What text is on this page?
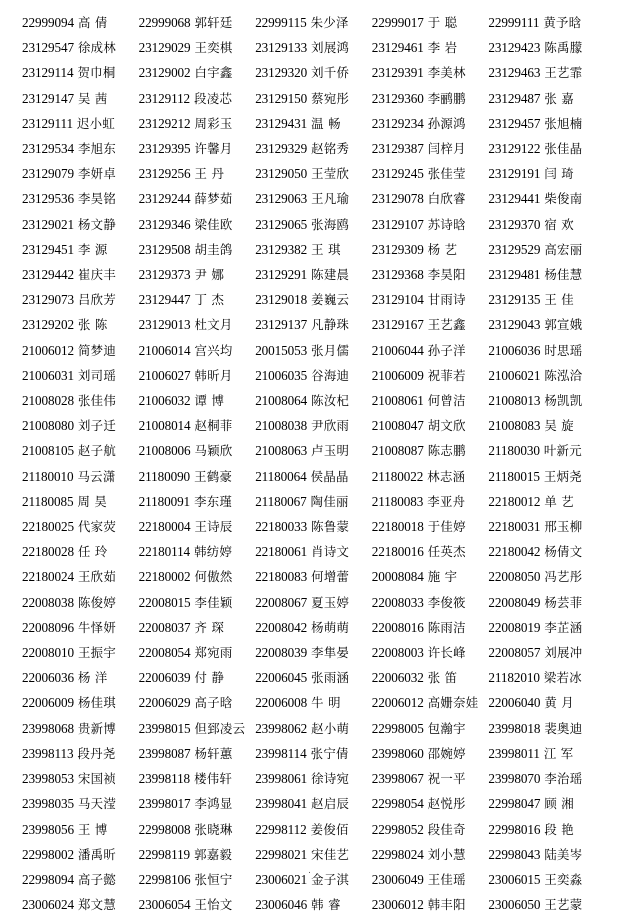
22999094 高 倩	22999068 郭轩廷	22999115 朱少泽	22999017 于 聪	22999111 黄予晗

23129547 徐成林	23129029 王奕棋	23129133 刘展鸿	23129461 李 岩	23129423 陈禹朦

23129114 贺巾桐	23129002 白宇鑫	23129320 刘千侨	23129391 李美林	23129463 王艺霏

23129147 吴 茜	23129112 段凌芯	23129150 蔡宛彤	23129360 李鹂鹏	23129487 张 嘉

23129111 迟小虹	23129212 周彩玉	23129431 温 畅	23129234 孙源鸿	23129457 张旭楠

23129534 李旭东	23129395 许馨月	23129329 赵铭秀	23129387 闫梓月	23129122 张佳晶

23129079 李妍卓	23129256 王 丹	23129050 王莹欣	23129245 张佳莹	23129191 闫 琦

23129536 李昊铭	23129244 薛梦茹	23129063 王凡瑜	23129078 白欣睿	23129441 柴俊南

23129021 杨文静	23129346 梁佳欧	23129065 张海鸥	23129107 苏诗晗	23129370 宿 欢

23129451 李 源	23129508 胡圭鸽	23129382 王 琪	23129309 杨 艺	23129529 高宏丽

23129442 崔庆丰	23129373 尹 娜	23129291 陈建晨	23129368 李昊阳	23129481 杨佳慧

23129073 吕欣芳	23129447 丁 杰	23129018 姜巍云	23129104 甘雨诗	23129135 王 佳

23129202 张 陈	23129013 杜文月	23129137 凡静珠	23129167 王艺鑫	23129043 郭宣娥

21006012 简梦迪	21006014 宫兴均	20015053 张月儒	21006044 孙子洋	21006036 时思瑶

21006031 刘司瑶	21006027 韩昕月	21006035 谷海迪	21006009 祝菲若	21006021 陈泓洽

21008028 张佳伟	21006032 谭 博	21008064 陈汝杞	21008061 何曾洁	21008013 杨凯凯

21008080 刘子迁	21008014 赵桐菲	21008038 尹欣雨	21008047 胡文欣	21008083 吴 旋

21008105 赵子航	21008006 马颖欣	21008063 卢玉明	21008087 陈志鹏	21180030 叶新元

21180010 马云潇	21180090 王鹤豪	21180064 侯晶晶	21180022 林志涵	21180015 王炳尧

21180085 周 昊	21180091 李东瑾	21180067 陶佳丽	21180083 李亚舟	22180012 单 艺

22180025 代家荧	22180004 王诗辰	22180033 陈鲁蒙	22180018 于佳婷	22180031 邢玉柳

22180028 任 玲	22180114 韩纺婷	22180061 肖诗文	22180016 任英杰	22180042 杨倩文

22180024 王欣茹	22180002 何傲然	22180083 何增蕾	20008084 施 宇	22008050 冯艺彤

22008038 陈俊婷	22008015 李佳颖	22008067 夏玉婷	22008033 李俊筱	22008049 杨芸菲

22008096 牛怿妍	22008037 齐 琛	22008042 杨萌萌	22008016 陈雨洁	22008019 李芷涵

22008010 王振宇	22008054 郑宛雨	22008039 李隼晏	22008003 许长峰	22008057 刘展冲

22006036 杨 洋	22006039 付 静	22006045 张雨涵	22006032 张 笛	21182010 梁若冰

22006009 杨佳琪	22006029 高子晗	22006008 牛 明	22006012 高姗奈娃	22006040 黄 月

23998068 贵新博	23998015 但郅凌云	23998062 赵小萌	22998005 包瀚宇	23998018 裴奥迪

23998113 段丹尧	23998087 杨轩蕙	23998114 张宁倩	23998060 邵婉婷	23998011 江 军

23998053 宋国祯	23998118 楼伟轩	23998061 徐诗宛	23998067 祝一平	23998070 李治瑶

23998035 马天滢	23998017 李鸿显	23998041 赵启辰	22998054 赵悦彤	22998047 顾 湘

23998056 王 博	22998008 张晓琳	22998112 姜俊佰	22998052 段佳奇	22998016 段 艳

22998002 潘禹昕	22998119 郭嘉毅	22998021 宋佳艺	22998024 刘小慧	22998043 陆美岑

22998094 高子懿	22998106 张恒宁	23006021 金子淇	23006049 王佳瑶	23006015 王奕淼

23006024 郑文慧	23006054 王怡文	23006046 韩 睿	23006012 韩丰阳	23006050 王艺蒙
.
